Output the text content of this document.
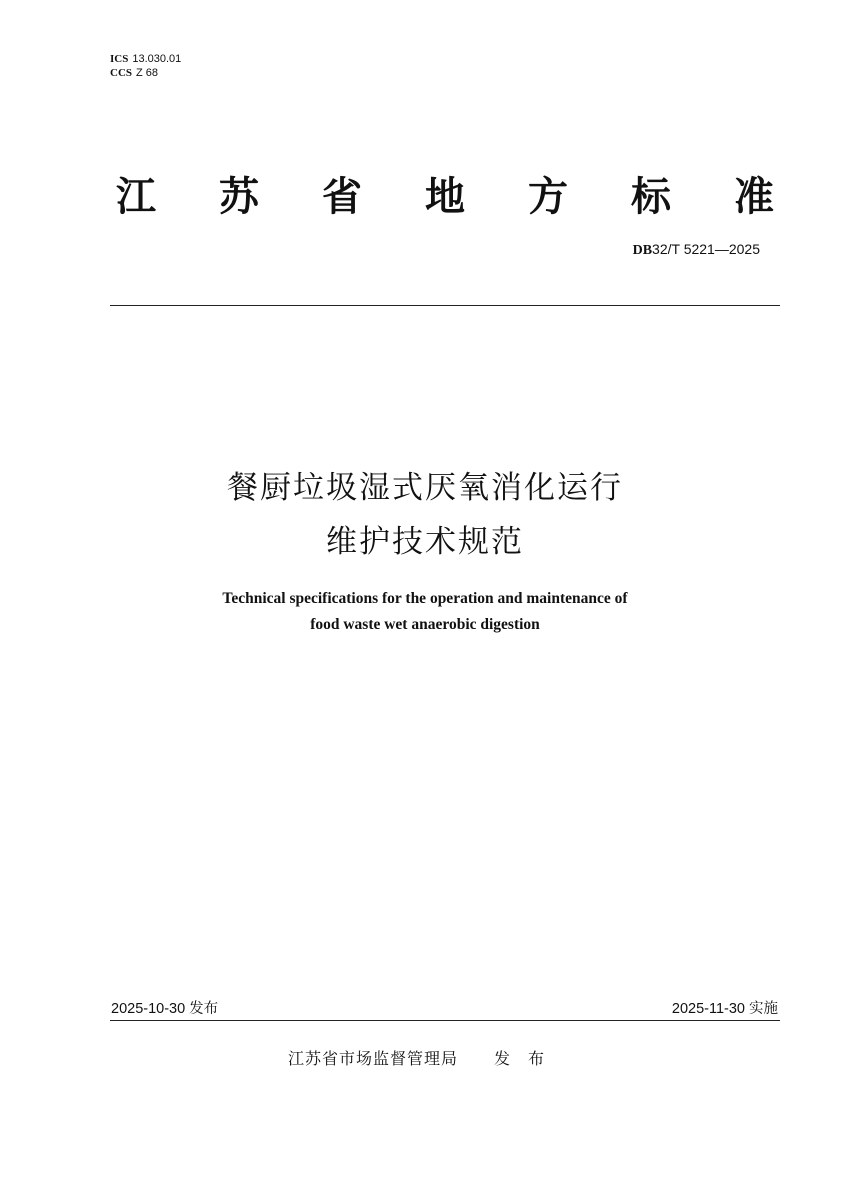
ICS 13.030.01
CCS Z 68
江 苏 省 地 方 标 准
DB32/T 5221—2025
餐厨垃圾湿式厌氧消化运行
维护技术规范
Technical specifications for the operation and maintenance of
food waste wet anaerobic digestion
2025-10-30 发布	2025-11-30 实施
江苏省市场监督管理局 发布
